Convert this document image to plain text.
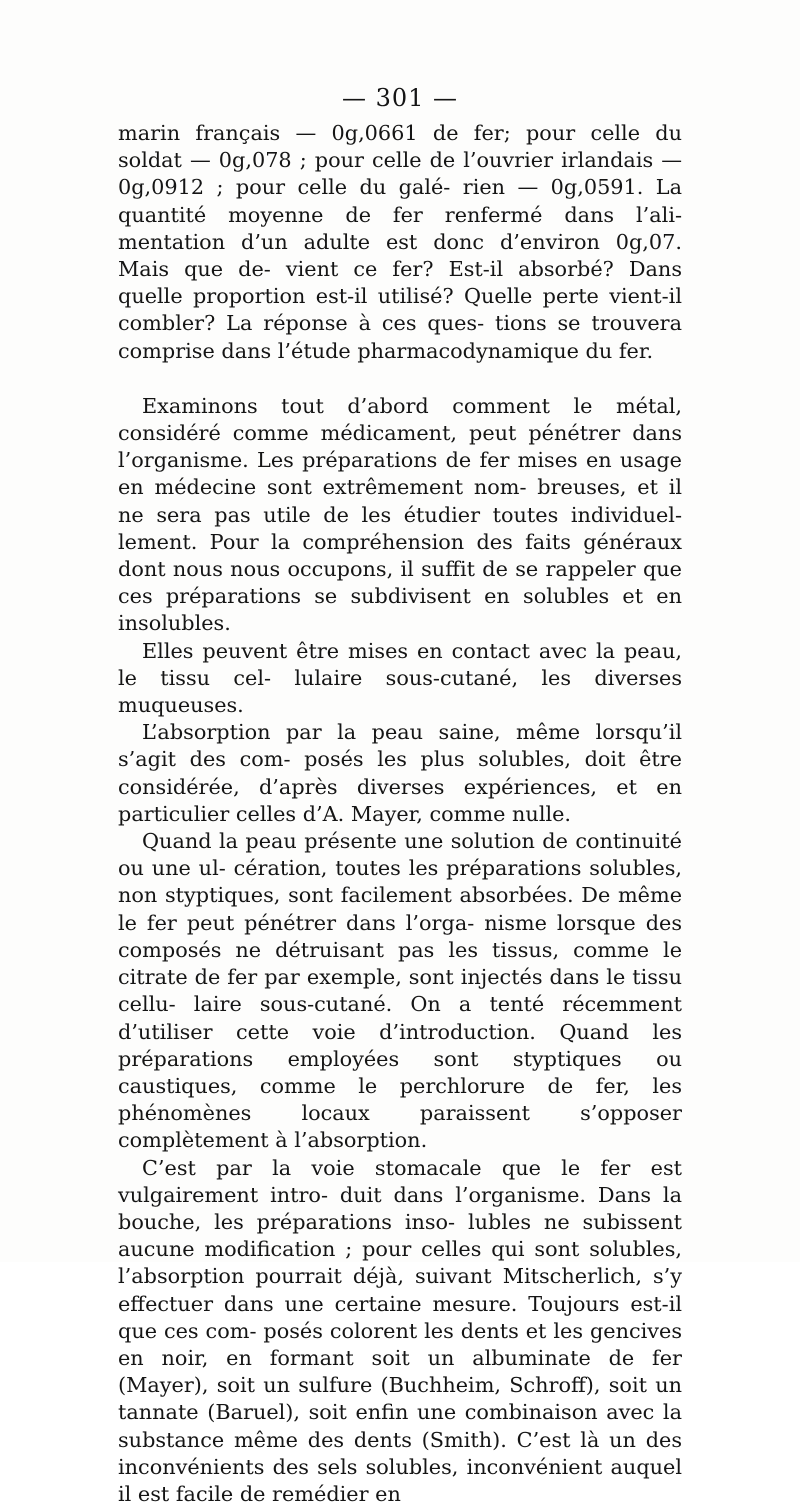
— 301 —

marin français — 0g,0661 de fer; pour celle du soldat — 0g,078 ; pour celle de l’ouvrier irlandais — 0g,0912 ; pour celle du galé- rien — 0g,0591. La quantité moyenne de fer renfermé dans l’ali- mentation d’un adulte est donc d’environ 0g,07. Mais que de- vient ce fer? Est-il absorbé? Dans quelle proportion est-il utilisé? Quelle perte vient-il combler? La réponse à ces ques- tions se trouvera comprise dans l’étude pharmacodynamique du fer.

Examinons tout d’abord comment le métal, considéré comme médicament, peut pénétrer dans l’organisme. Les préparations de fer mises en usage en médecine sont extrêmement nom- breuses, et il ne sera pas utile de les étudier toutes individuel- lement. Pour la compréhension des faits généraux dont nous nous occupons, il suffit de se rappeler que ces préparations se subdivisent en solubles et en insolubles.

Elles peuvent être mises en contact avec la peau, le tissu cel- lulaire sous-cutané, les diverses muqueuses.

L’absorption par la peau saine, même lorsqu’il s’agit des com- posés les plus solubles, doit être considérée, d’après diverses expériences, et en particulier celles d’A. Mayer, comme nulle.

Quand la peau présente une solution de continuité ou une ul- cération, toutes les préparations solubles, non styptiques, sont facilement absorbées. De même le fer peut pénétrer dans l’orga- nisme lorsque des composés ne détruisant pas les tissus, comme le citrate de fer par exemple, sont injectés dans le tissu cellu- laire sous-cutané. On a tenté récemment d’utiliser cette voie d’introduction. Quand les préparations employées sont styptiques ou caustiques, comme le perchlorure de fer, les phénomènes locaux paraissent s’opposer complètement à l’absorption.

C’est par la voie stomacale que le fer est vulgairement intro- duit dans l’organisme. Dans la bouche, les préparations inso- lubles ne subissent aucune modification ; pour celles qui sont solubles, l’absorption pourrait déjà, suivant Mitscherlich, s’y effectuer dans une certaine mesure. Toujours est-il que ces com- posés colorent les dents et les gencives en noir, en formant soit un albuminate de fer (Mayer), soit un sulfure (Buchheim, Schroff), soit un tannate (Baruel), soit enfin une combinaison avec la substance même des dents (Smith). C’est là un des inconvénients des sels solubles, inconvénient auquel il est facile de remédier en
